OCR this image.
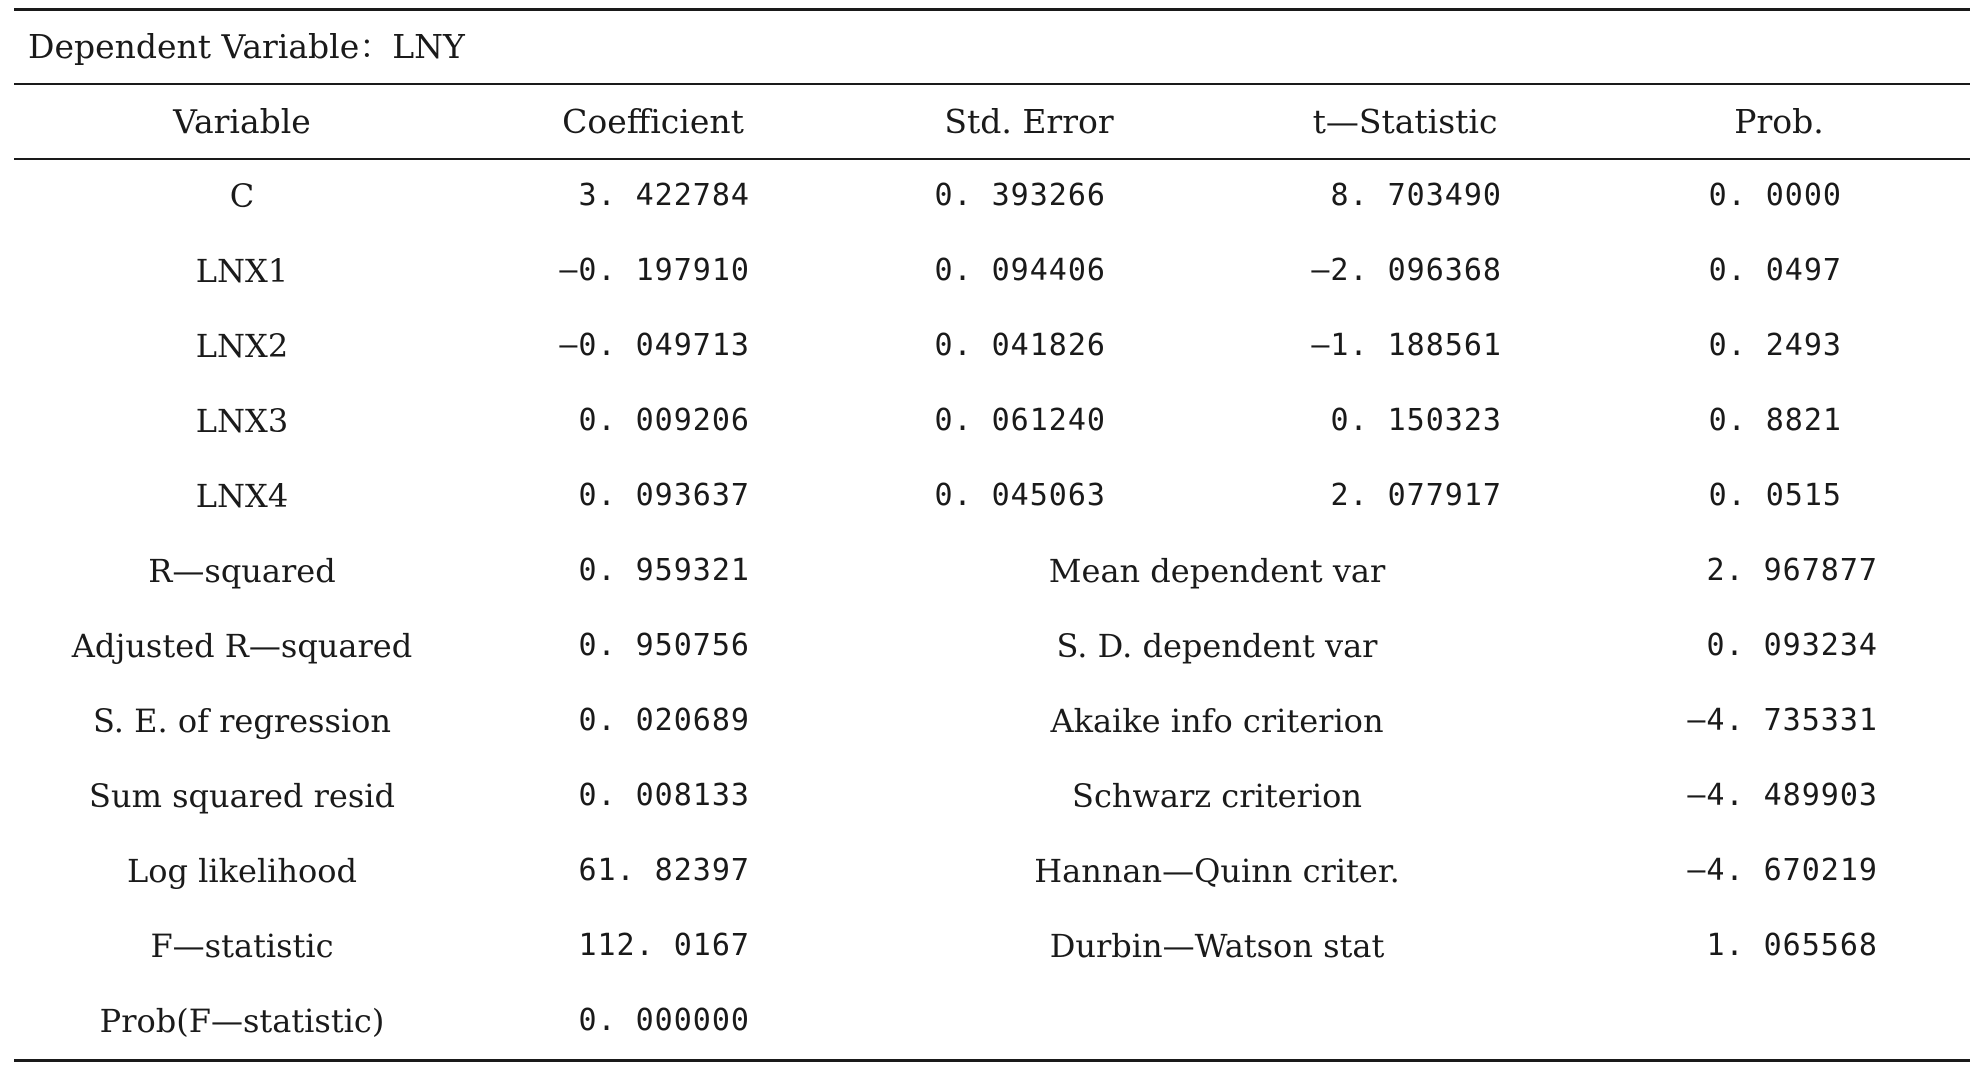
Dependent Variable：LNY
Variable	Coefficient	Std. Error	t—Statistic	Prob.
C	3. 422784	0. 393266	8. 703490	0. 0000
LNX1	—0. 197910	0. 094406	—2. 096368	0. 0497
LNX2	—0. 049713	0. 041826	—1. 188561	0. 2493
LNX3	0. 009206	0. 061240	0. 150323	0. 8821
LNX4	0. 093637	0. 045063	2. 077917	0. 0515
R—squared	0. 959321	Mean dependent var	2. 967877
Adjusted R—squared	0. 950756	S. D. dependent var	0. 093234
S. E. of regression	0. 020689	Akaike info criterion	—4. 735331
Sum squared resid	0. 008133	Schwarz criterion	—4. 489903
Log likelihood	61. 82397	Hannan—Quinn criter.	—4. 670219
F—statistic	112. 0167	Durbin—Watson stat	1. 065568
Prob(F—statistic)	0. 000000
